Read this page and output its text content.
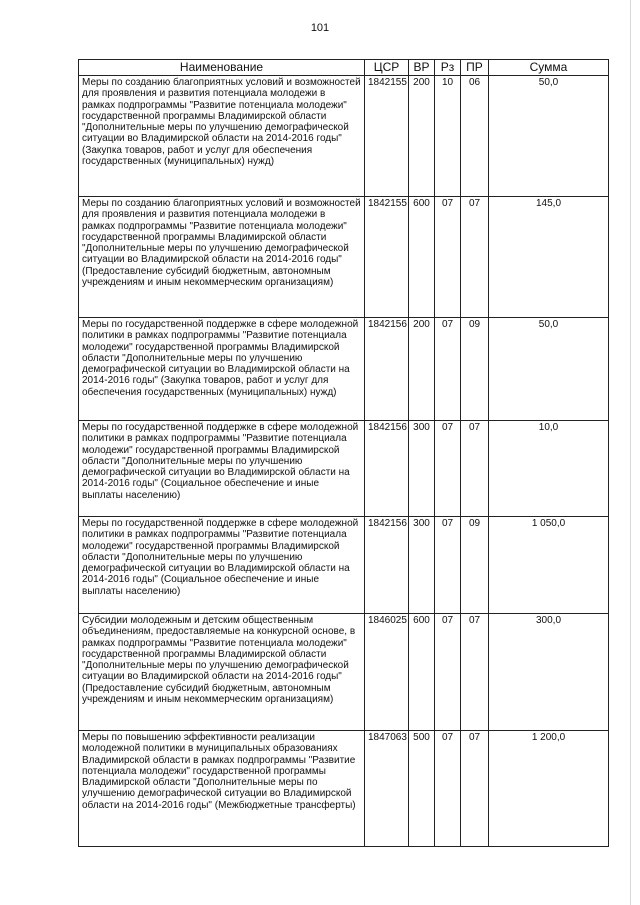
101
Наименование	ЦСР	ВР	Рз	ПР	Сумма
Меры по созданию благоприятных условий и возможностей для проявления и развития потенциала молодежи в рамках подпрограммы "Развитие потенциала молодежи" государственной программы Владимирской области "Дополнительные меры по улучшению демографической ситуации во Владимирской области на 2014-2016 годы" (Закупка товаров, работ и услуг для обеспечения государственных (муниципальных) нужд)	1842155	200	10	06	50,0
Меры по созданию благоприятных условий и возможностей для проявления и развития потенциала молодежи в рамках подпрограммы "Развитие потенциала молодежи" государственной программы Владимирской области "Дополнительные меры по улучшению демографической ситуации во Владимирской области на 2014-2016 годы" (Предоставление субсидий бюджетным, автономным учреждениям и иным некоммерческим организациям)	1842155	600	07	07	145,0
Меры по государственной поддержке в сфере молодежной политики в рамках подпрограммы "Развитие потенциала молодежи" государственной программы Владимирской области "Дополнительные меры по улучшению демографической ситуации во Владимирской области на 2014-2016 годы" (Закупка товаров, работ и услуг для обеспечения государственных (муниципальных) нужд)	1842156	200	07	09	50,0
Меры по государственной поддержке в сфере молодежной политики в рамках подпрограммы "Развитие потенциала молодежи" государственной программы Владимирской области "Дополнительные меры по улучшению демографической ситуации во Владимирской области на 2014-2016 годы" (Социальное обеспечение и иные выплаты населению)	1842156	300	07	07	10,0
Меры по государственной поддержке в сфере молодежной политики в рамках подпрограммы "Развитие потенциала молодежи" государственной программы Владимирской области "Дополнительные меры по улучшению демографической ситуации во Владимирской области на 2014-2016 годы" (Социальное обеспечение и иные выплаты населению)	1842156	300	07	09	1 050,0
Субсидии молодежным и детским общественным объединениям, предоставляемые на конкурсной основе, в рамках подпрограммы "Развитие потенциала молодежи" государственной программы Владимирской области "Дополнительные меры по улучшению демографической ситуации во Владимирской области на 2014-2016 годы" (Предоставление субсидий бюджетным, автономным учреждениям и иным некоммерческим организациям)	1846025	600	07	07	300,0
Меры по повышению эффективности реализации молодежной политики в муниципальных образованиях Владимирской области в рамках подпрограммы "Развитие потенциала молодежи" государственной программы Владимирской области "Дополнительные меры по улучшению демографической ситуации во Владимирской области на 2014-2016 годы" (Межбюджетные трансферты)	1847063	500	07	07	1 200,0
